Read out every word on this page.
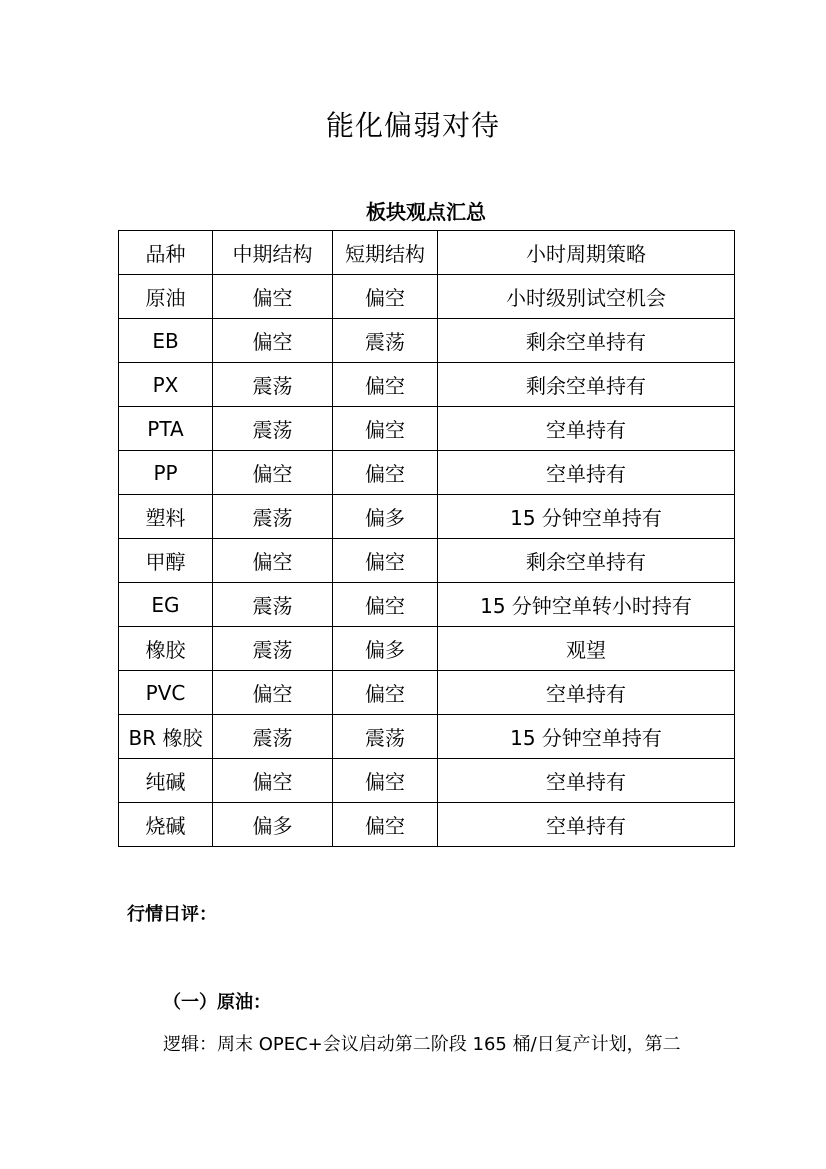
能化偏弱对待
板块观点汇总
品种	中期结构	短期结构	小时周期策略
原油	偏空	偏空	小时级别试空机会
EB	偏空	震荡	剩余空单持有
PX	震荡	偏空	剩余空单持有
PTA	震荡	偏空	空单持有
PP	偏空	偏空	空单持有
塑料	震荡	偏多	15 分钟空单持有
甲醇	偏空	偏空	剩余空单持有
EG	震荡	偏空	15 分钟空单转小时持有
橡胶	震荡	偏多	观望
PVC	偏空	偏空	空单持有
BR 橡胶	震荡	震荡	15 分钟空单持有
纯碱	偏空	偏空	空单持有
烧碱	偏多	偏空	空单持有
行情日评：
（一）原油：
逻辑：周末 OPEC+会议启动第二阶段 165 桶/日复产计划，第二
